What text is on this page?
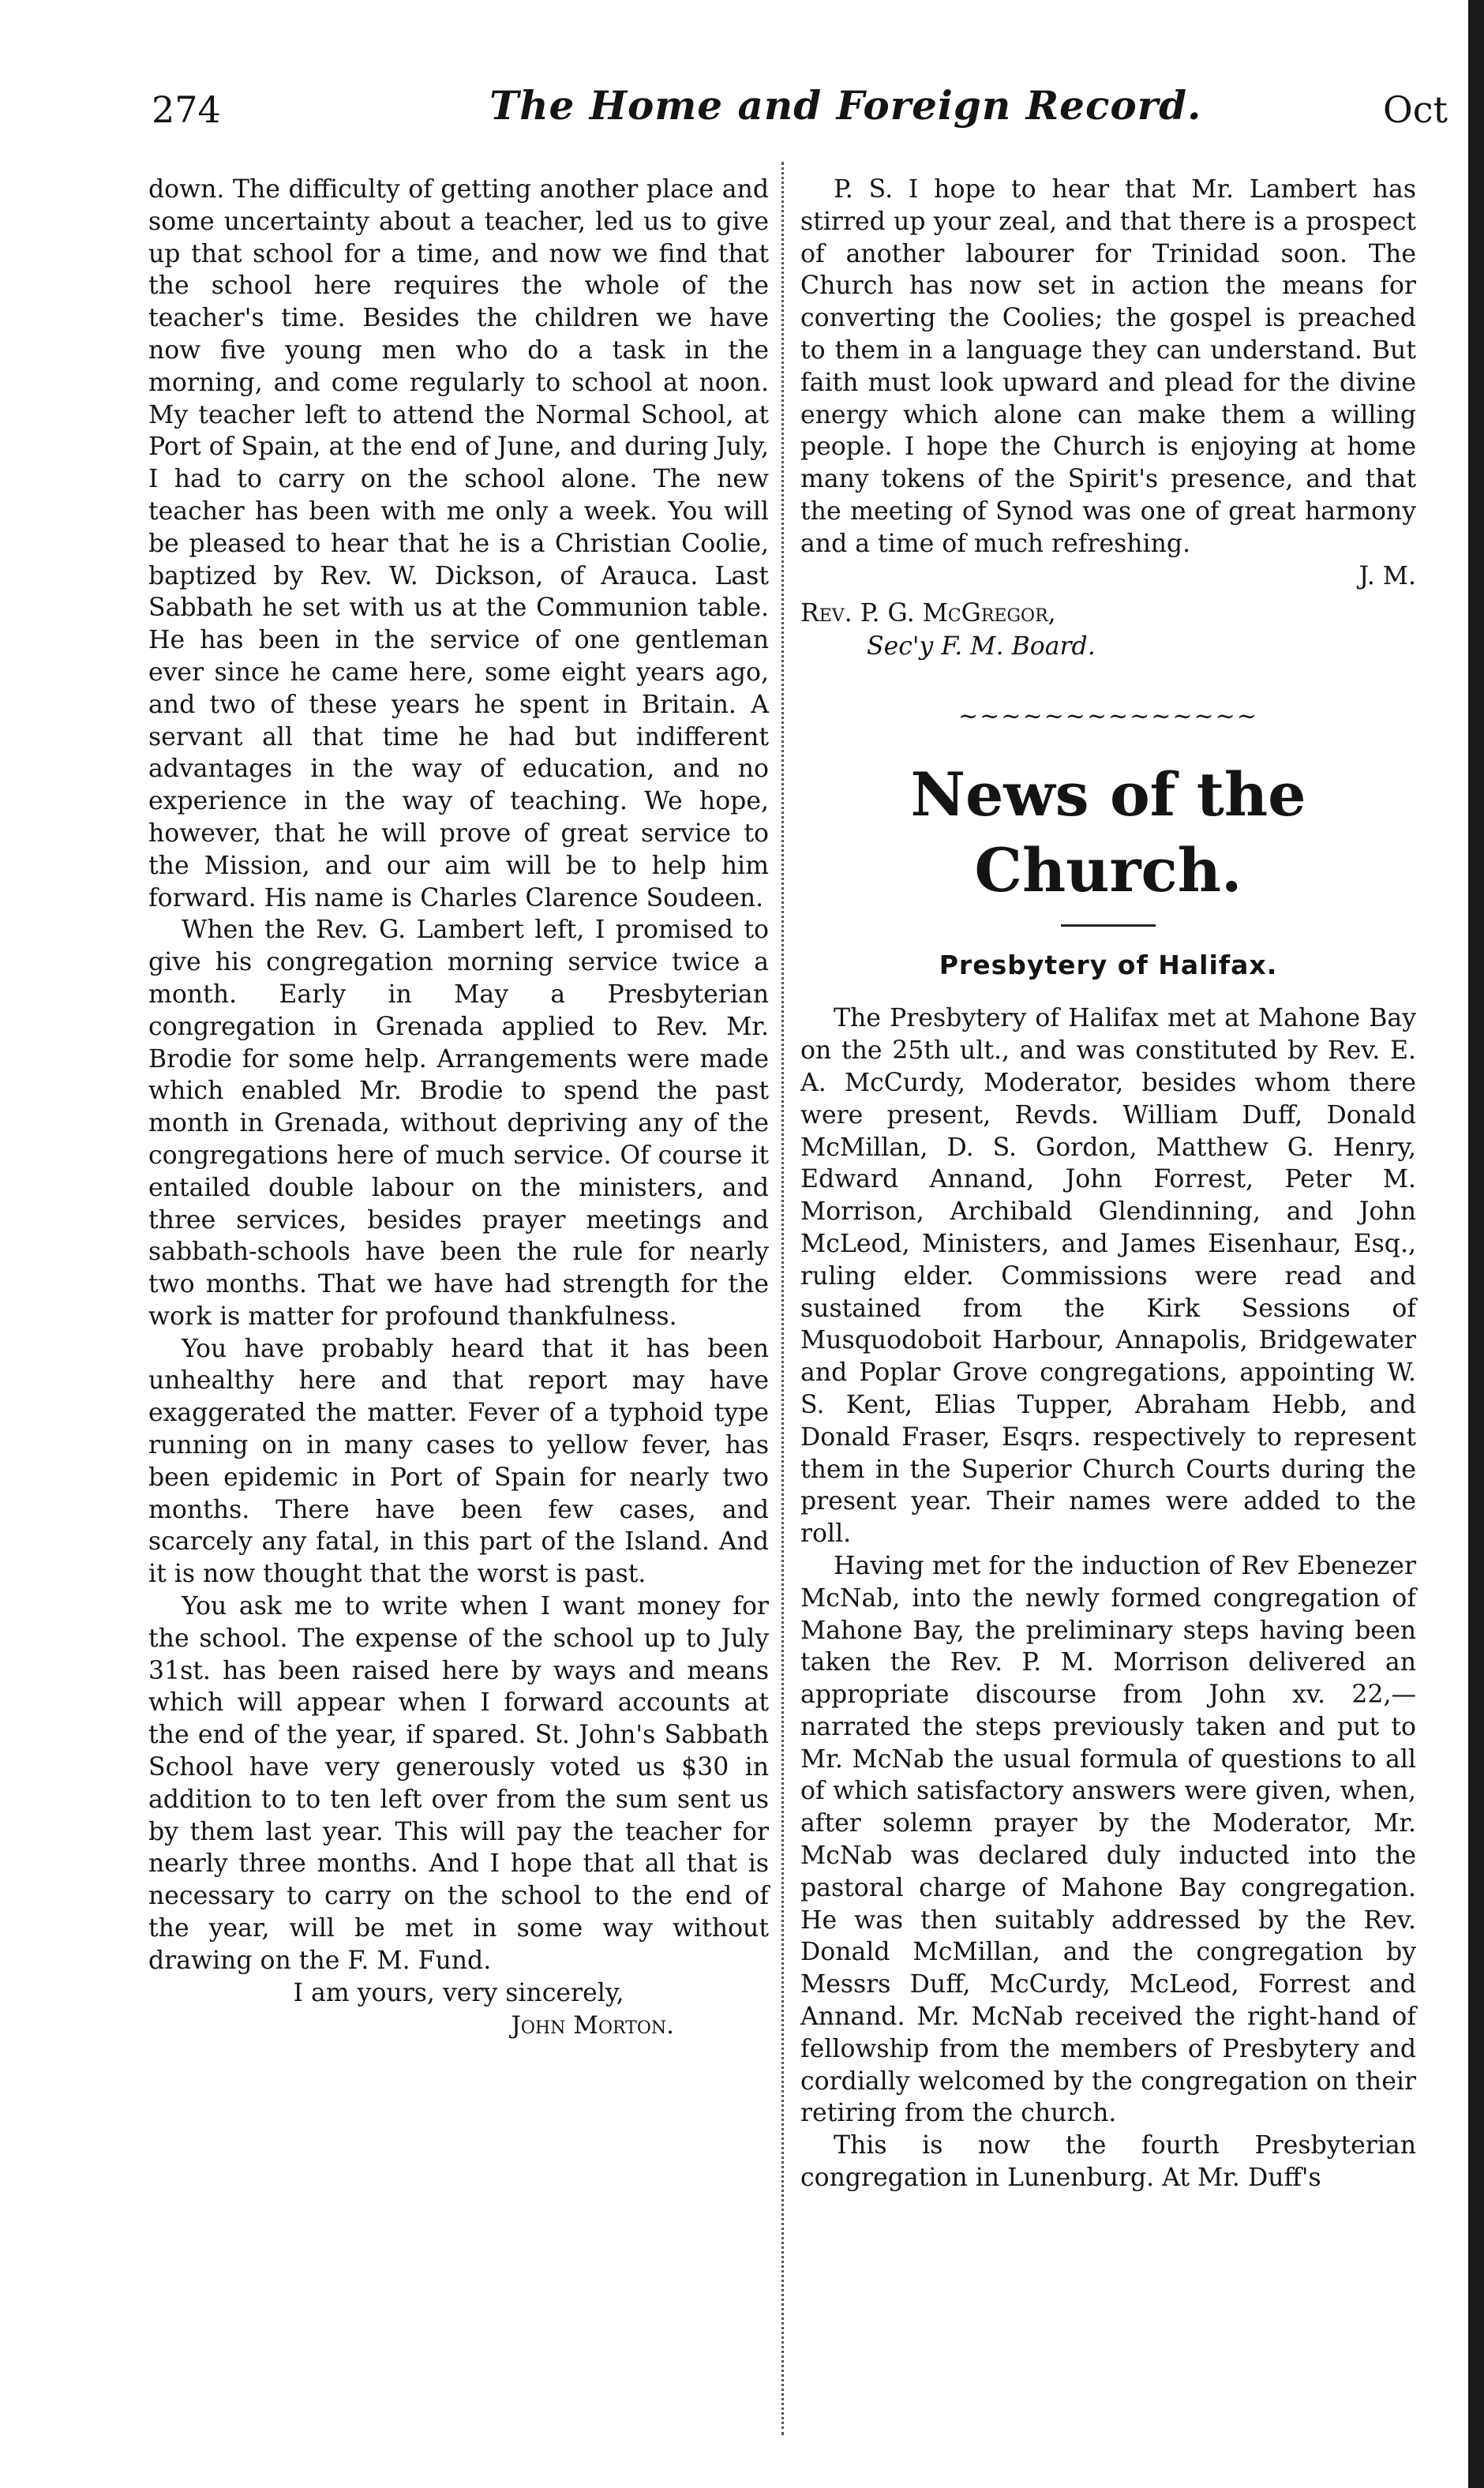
274	The Home and Foreign Record.	Oct

down. The difficulty of getting another place and some uncertainty about a teacher, led us to give up that school for a time, and now we find that the school here requires the whole of the teacher's time. Besides the children we have now five young men who do a task in the morning, and come regularly to school at noon. My teacher left to attend the Normal School, at Port of Spain, at the end of June, and during July, I had to carry on the school alone. The new teacher has been with me only a week. You will be pleased to hear that he is a Christian Coolie, baptized by Rev. W. Dickson, of Arauca. Last Sabbath he set with us at the Communion table. He has been in the service of one gentleman ever since he came here, some eight years ago, and two of these years he spent in Britain. A servant all that time he had but indifferent advantages in the way of education, and no experience in the way of teaching. We hope, however, that he will prove of great service to the Mission, and our aim will be to help him forward. His name is Charles Clarence Soudeen.

When the Rev. G. Lambert left, I promised to give his congregation morning service twice a month. Early in May a Presbyterian congregation in Grenada applied to Rev. Mr. Brodie for some help. Arrangements were made which enabled Mr. Brodie to spend the past month in Grenada, without depriving any of the congregations here of much service. Of course it entailed double labour on the ministers, and three services, besides prayer meetings and sabbath-schools have been the rule for nearly two months. That we have had strength for the work is matter for profound thankfulness.

You have probably heard that it has been unhealthy here and that report may have exaggerated the matter. Fever of a typhoid type running on in many cases to yellow fever, has been epidemic in Port of Spain for nearly two months. There have been few cases, and scarcely any fatal, in this part of the Island. And it is now thought that the worst is past.

You ask me to write when I want money for the school. The expense of the school up to July 31st. has been raised here by ways and means which will appear when I forward accounts at the end of the year, if spared. St. John's Sabbath School have very generously voted us $30 in addition to to ten left over from the sum sent us by them last year. This will pay the teacher for nearly three months. And I hope that all that is necessary to carry on the school to the end of the year, will be met in some way without drawing on the F. M. Fund.

I am yours, very sincerely,
John Morton.

P. S. I hope to hear that Mr. Lambert has stirred up your zeal, and that there is a prospect of another labourer for Trinidad soon. The Church has now set in action the means for converting the Coolies; the gospel is preached to them in a language they can understand. But faith must look upward and plead for the divine energy which alone can make them a willing people. I hope the Church is enjoying at home many tokens of the Spirit's presence, and that the meeting of Synod was one of great harmony and a time of much refreshing.

J. M.
Rev. P. G. McGregor,
Sec'y F. M. Board.
~~~~~~~~~~~~~~
News of the Church.
Presbytery of Halifax.

The Presbytery of Halifax met at Mahone Bay on the 25th ult., and was constituted by Rev. E. A. McCurdy, Moderator, besides whom there were present, Revds. William Duff, Donald McMillan, D. S. Gordon, Matthew G. Henry, Edward Annand, John Forrest, Peter M. Morrison, Archibald Glendinning, and John McLeod, Ministers, and James Eisenhaur, Esq., ruling elder. Commissions were read and sustained from the Kirk Sessions of Musquodoboit Harbour, Annapolis, Bridgewater and Poplar Grove congregations, appointing W. S. Kent, Elias Tupper, Abraham Hebb, and Donald Fraser, Esqrs. respectively to represent them in the Superior Church Courts during the present year. Their names were added to the roll.

Having met for the induction of Rev Ebenezer McNab, into the newly formed congregation of Mahone Bay, the preliminary steps having been taken the Rev. P. M. Morrison delivered an appropriate discourse from John xv. 22,— narrated the steps previously taken and put to Mr. McNab the usual formula of questions to all of which satisfactory answers were given, when, after solemn prayer by the Moderator, Mr. McNab was declared duly inducted into the pastoral charge of Mahone Bay congregation. He was then suitably addressed by the Rev. Donald McMillan, and the congregation by Messrs Duff, McCurdy, McLeod, Forrest and Annand. Mr. McNab received the right-hand of fellowship from the members of Presbytery and cordially welcomed by the congregation on their retiring from the church.

This is now the fourth Presbyterian congregation in Lunenburg. At Mr. Duff's
